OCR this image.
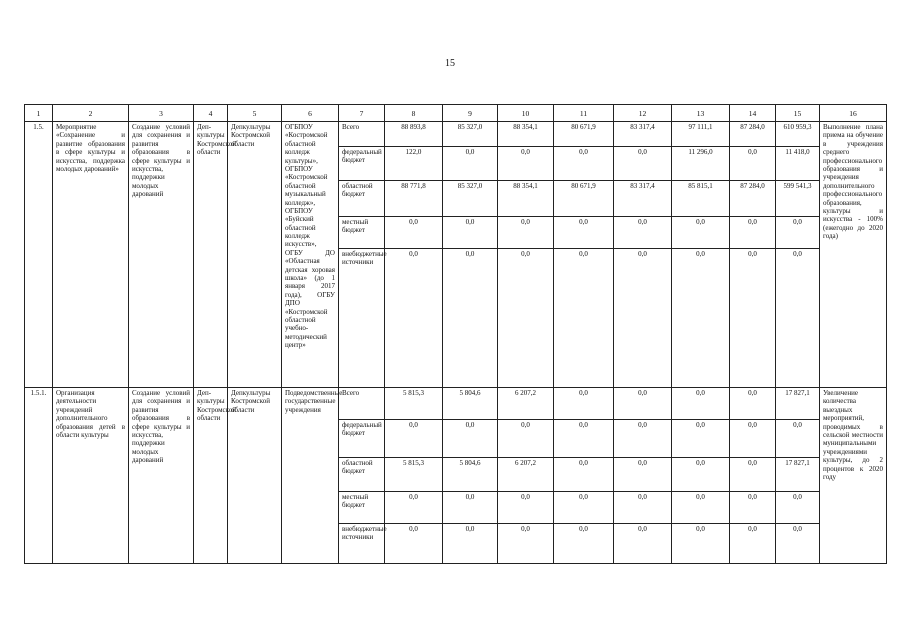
15
1	2	3	4	5	6	7	8	9	10	11	12	13	14	15	16
1.5.	Мероприятие «Сохранение и развитие образования в сфере культуры и искусства, поддержка молодых дарований»	Создание условий для сохранения и развития образования в сфере культуры и искусства, поддержки молодых дарований	Депкультуры Костромской области	Депкультуры Костромской области	ОГБПОУ «Костромской областной колледж культуры», ОГБПОУ «Костромской областной музыкальный колледж», ОГБПОУ «Буйский областной колледж искусств», ОГБУ ДО «Областная детская хоровая школа» (до 1 января 2017 года), ОГБУ ДПО «Костромской областной учебно-методический центр»	Всего	88 893,8	85 327,0	88 354,1	80 671,9	83 317,4	97 111,1	87 284,0	610 959,3	Выполнение плана приема на обучение в учреждения среднего профессионального образования и учреждения дополнительного профессионального образования, культуры и искусства - 100% (ежегодно до 2020 года)
						федеральный бюджет	122,0	0,0	0,0	0,0	0,0	11 296,0	0,0	11 418,0	
						областной бюджет	88 771,8	85 327,0	88 354,1	80 671,9	83 317,4	85 815,1	87 284,0	599 541,3	
						местный бюджет	0,0	0,0	0,0	0,0	0,0	0,0	0,0	0,0	
						внебюджетные источники	0,0	0,0	0,0	0,0	0,0	0,0	0,0	0,0	
1.5.1.	Организация деятельности учреждений дополнительного образования детей в области культуры	Создание условий для сохранения и развития образования в сфере культуры и искусства, поддержки молодых дарований	Депкультуры Костромской области	Депкультуры Костромской области	Подведомственные государственные учреждения	Всего	5 815,3	5 804,6	6 207,2	0,0	0,0	0,0	0,0	17 827,1	Увеличение количества выездных мероприятий, проводимых в сельской местности муниципальными учреждениями культуры, до 2 процентов к 2020 году
						федеральный бюджет	0,0	0,0	0,0	0,0	0,0	0,0	0,0	0,0	
						областной бюджет	5 815,3	5 804,6	6 207,2	0,0	0,0	0,0	0,0	17 827,1	
						местный бюджет	0,0	0,0	0,0	0,0	0,0	0,0	0,0	0,0	
						внебюджетные источники	0,0	0,0	0,0	0,0	0,0	0,0	0,0	0,0	
